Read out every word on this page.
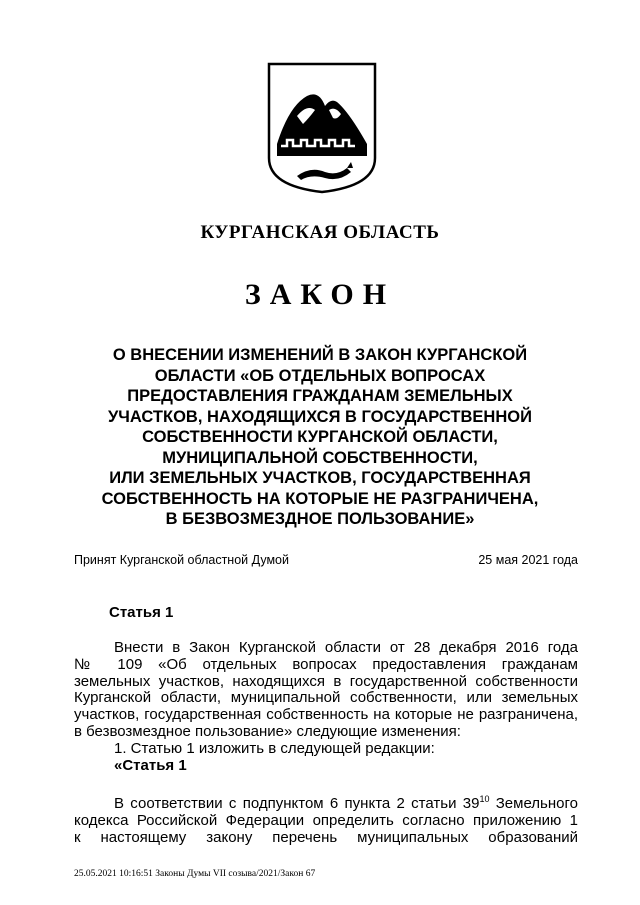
КУРГАНСКАЯ ОБЛАСТЬ
ЗАКОН
О ВНЕСЕНИИ ИЗМЕНЕНИЙ В ЗАКОН КУРГАНСКОЙ
ОБЛАСТИ «ОБ ОТДЕЛЬНЫХ ВОПРОСАХ
ПРЕДОСТАВЛЕНИЯ ГРАЖДАНАМ ЗЕМЕЛЬНЫХ
УЧАСТКОВ, НАХОДЯЩИХСЯ В ГОСУДАРСТВЕННОЙ
СОБСТВЕННОСТИ КУРГАНСКОЙ ОБЛАСТИ,
МУНИЦИПАЛЬНОЙ СОБСТВЕННОСТИ,
ИЛИ ЗЕМЕЛЬНЫХ УЧАСТКОВ, ГОСУДАРСТВЕННАЯ
СОБСТВЕННОСТЬ НА КОТОРЫЕ НЕ РАЗГРАНИЧЕНА,
В БЕЗВОЗМЕЗДНОЕ ПОЛЬЗОВАНИЕ»
Принят Курганской областной Думой	25 мая 2021 года
Статья 1
Внести в Закон Курганской области от 28 декабря 2016 года
№ 109 «Об отдельных вопросах предоставления гражданам
земельных участков, находящихся в государственной собственности
Курганской области, муниципальной собственности, или земельных
участков, государственная собственность на которые не разграничена,
в безвозмездное пользование» следующие изменения:
1. Статью 1 изложить в следующей редакции:
«Статья 1
В соответствии с подпунктом 6 пункта 2 статьи $39^{10}$ Земельного
кодекса Российской Федерации определить согласно приложению 1
к настоящему закону перечень муниципальных образований
25.05.2021 10:16:51 Законы Думы VII созыва/2021/Закон 67
